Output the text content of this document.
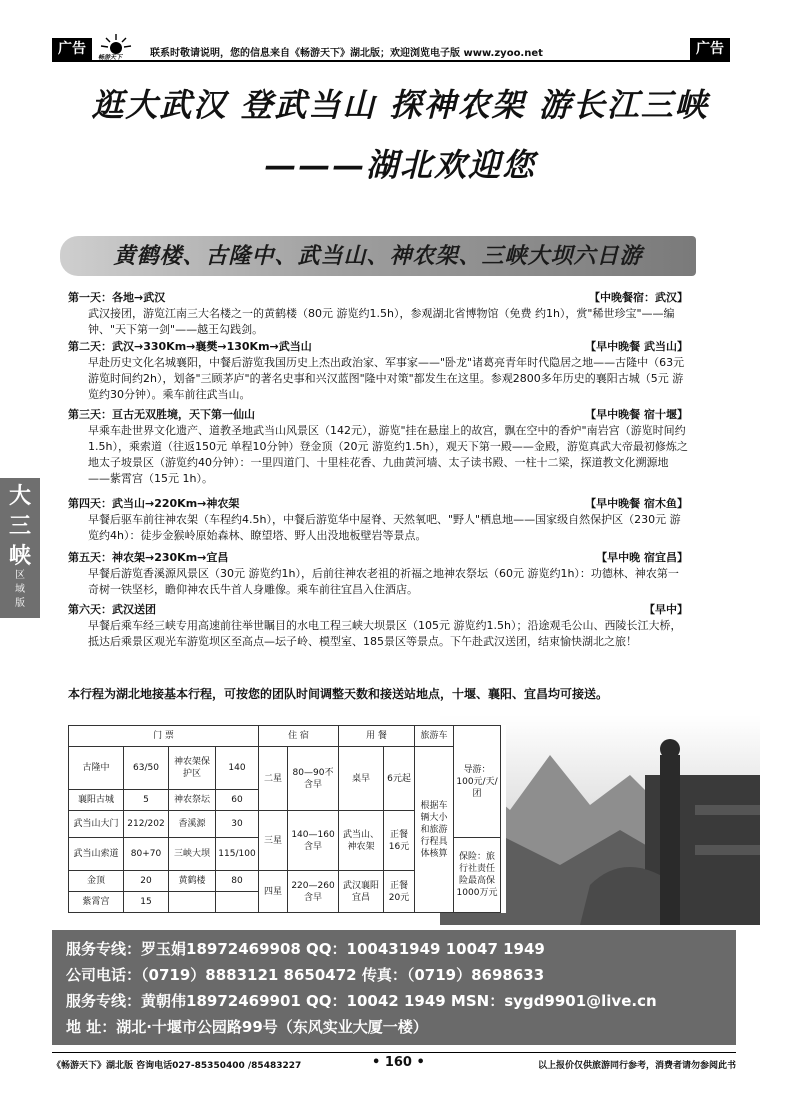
广告
畅游天下	联系时敬请说明，您的信息来自《畅游天下》湖北版；欢迎浏览电子版 www.zyoo.net	广告
逛大武汉 登武当山 探神农架 游长江三峡
———湖北欢迎您
黄鹤楼、古隆中、武当山、神农架、三峡大坝六日游
大
三
峡
区
域
版
第一天：各地→武汉	【中晚餐宿：武汉】
武汉接团，游览江南三大名楼之一的黄鹤楼（80元 游览约1.5h），参观湖北省博物馆（免费 约1h），赏"稀世珍宝"——编钟、"天下第一剑"——越王勾践剑。
第二天：武汉→330Km→襄樊→130Km→武当山	【早中晚餐 武当山】
早赴历史文化名城襄阳，中餐后游览我国历史上杰出政治家、军事家——"卧龙"诸葛亮青年时代隐居之地——古隆中（63元 游览时间约2h），划备"三顾茅庐"的著名史事和兴汉蓝图"隆中对策"都发生在这里。参观2800多年历史的襄阳古城（5元 游览约30分钟）。乘车前往武当山。
第三天：亘古无双胜境，天下第一仙山	【早中晚餐 宿十堰】
早乘车赴世界文化遗产、道教圣地武当山风景区（142元），游览"挂在悬崖上的故宫，飘在空中的香炉"南岩宫（游览时间约1.5h），乘索道（往返150元 单程10分钟）登金顶（20元 游览约1.5h），观天下第一殿——金殿，游览真武大帝最初修炼之地太子坡景区（游览约40分钟）：一里四道门、十里桂花香、九曲黄河墙、太子读书殿、一柱十二梁，探道教文化溯源地——紫霄宫（15元 1h）。
第四天：武当山→220Km→神农架	【早中晚餐 宿木鱼】
早餐后驱车前往神农架（车程约4.5h），中餐后游览华中屋脊、天然氧吧、"野人"栖息地——国家级自然保护区（230元 游览约4h）：徒步金猴岭原始森林、瞭望塔、野人出没地板壁岩等景点。
第五天：神农架→230Km→宜昌	【早中晚 宿宜昌】
早餐后游览香溪源风景区（30元 游览约1h），后前往神农老祖的祈福之地神农祭坛（60元 游览约1h）：功德林、神农第一奇树一铁坚杉，瞻仰神农氏牛首人身雕像。乘车前往宜昌入住酒店。
第六天：武汉送团	【早中】
早餐后乘车经三峡专用高速前往举世瞩目的水电工程三峡大坝景区（105元 游览约1.5h）；沿途观毛公山、西陵长江大桥，抵达后乘景区观光车游览坝区至高点—坛子岭、模型室、185景区等景点。下午赴武汉送团，结束愉快湖北之旅！
本行程为湖北地接基本行程，可按您的团队时间调整天数和接送站地点，十堰、襄阳、宜昌均可接送。
门 票				住 宿		用 餐		旅游车	导游：100元/天/团	
古隆中	63/50	神农架保护区	140	二星	80—90不含早	桌早	6元起	根据车辆大小和旅游行程具体核算		
襄阳古城	5	神农祭坛	60							
武当山大门	212/202	香溪源	30	三星	140—160含早	武当山、神农架	正餐16元			
武当山索道	80+70	三峡大坝	115/100						保险：旅行社责任险最高保1000万元	
金顶	20	黄鹤楼	80	四星	220—260含早	武汉襄阳宜昌	正餐20元			
紫霄宫	15									
服务专线：罗玉娟18972469908 QQ：100431949 10047 1949
公司电话：（0719）8883121 8650472 传真：（0719）8698633
服务专线：黄朝伟18972469901 QQ：10042 1949 MSN：sygd9901@live.cn
地 址：湖北·十堰市公园路99号（东风实业大厦一楼）
《畅游天下》湖北版 咨询电话027-85350400 /85483227	• 160 •	以上报价仅供旅游同行参考，消费者请勿参阅此书
